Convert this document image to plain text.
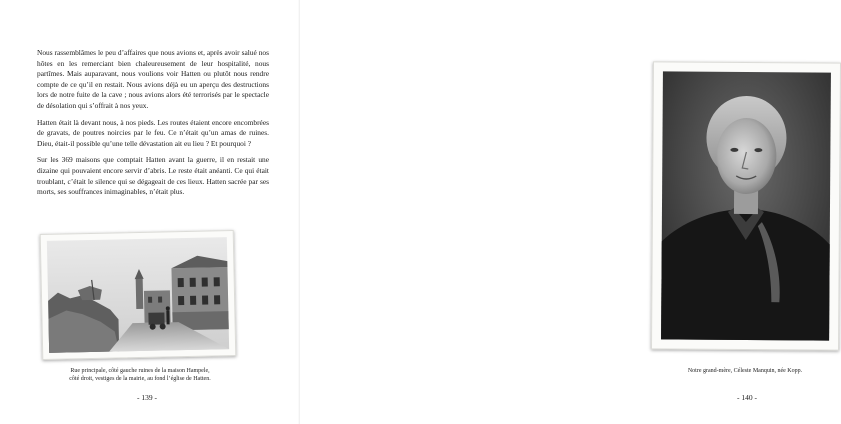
Nous rassemblâmes le peu d’affaires que nous avions et, après avoir salué nos hôtes en les remerciant bien chaleureusement de leur hospitalité, nous partîmes. Mais auparavant, nous voulions voir Hatten ou plutôt nous rendre compte de ce qu’il en restait. Nous avions déjà eu un aperçu des destructions lors de notre fuite de la cave ; nous avions alors été terrorisés par le spectacle de désolation qui s’offrait à nos yeux.

Hatten était là devant nous, à nos pieds. Les routes étaient encore encombrées de gravats, de poutres noircies par le feu. Ce n’était qu’un amas de ruines. Dieu, était-il possible qu’une telle dévastation ait eu lieu ? Et pourquoi ?

Sur les 369 maisons que comptait Hatten avant la guerre, il en restait une dizaine qui pouvaient encore servir d’abris. Le reste était anéanti. Ce qui était troublant, c’était le silence qui se dégageait de ces lieux. Hatten sacrée par ses morts, ses souffrances inimaginables, n’était plus.

Rue principale, côté gauche ruines de la maison Hampele,
côté droit, vestiges de la mairie, au fond l’église de Hatten.
- 139 -
Notre grand-mère, Céleste Manquin, née Kopp.
- 140 -
